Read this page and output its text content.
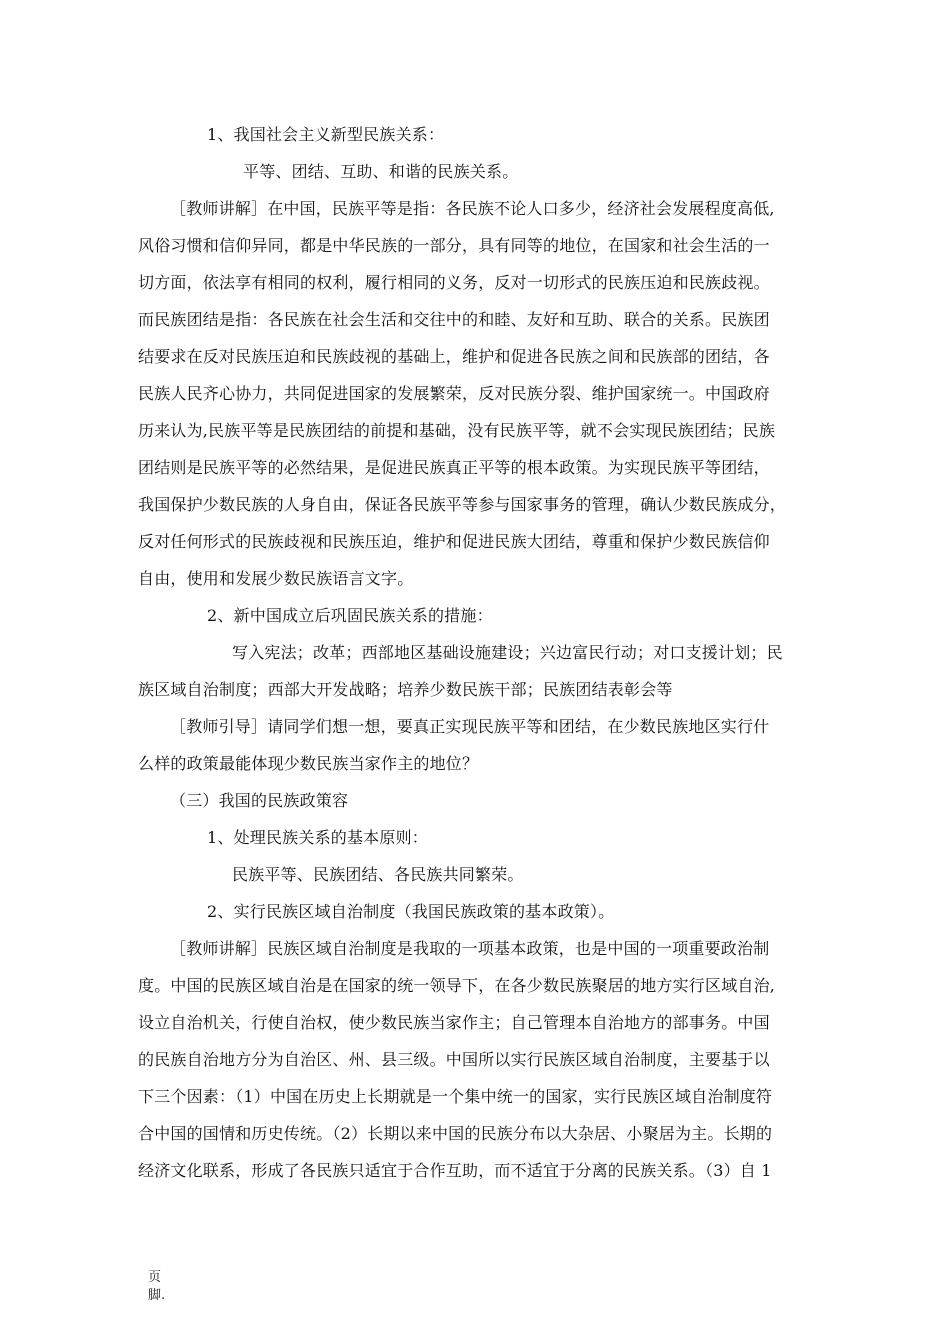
1、我国社会主义新型民族关系：
平等、团结、互助、和谐的民族关系。
［教师讲解］在中国，民族平等是指：各民族不论人口多少，经济社会发展程度高低,
风俗习惯和信仰异同，都是中华民族的一部分，具有同等的地位，在国家和社会生活的一
切方面，依法享有相同的权利，履行相同的义务，反对一切形式的民族压迫和民族歧视。
而民族团结是指：各民族在社会生活和交往中的和睦、友好和互助、联合的关系。民族团
结要求在反对民族压迫和民族歧视的基础上，维护和促进各民族之间和民族部的团结，各
民族人民齐心协力，共同促进国家的发展繁荣，反对民族分裂、维护国家统一。中国政府
历来认为,民族平等是民族团结的前提和基础，没有民族平等，就不会实现民族团结；民族
团结则是民族平等的必然结果，是促进民族真正平等的根本政策。为实现民族平等团结，
我国保护少数民族的人身自由，保证各民族平等参与国家事务的管理，确认少数民族成分，
反对任何形式的民族歧视和民族压迫，维护和促进民族大团结，尊重和保护少数民族信仰
自由，使用和发展少数民族语言文字。
2、新中国成立后巩固民族关系的措施：
写入宪法；改革；西部地区基础设施建设；兴边富民行动；对口支援计划；民
族区域自治制度；西部大开发战略；培养少数民族干部；民族团结表彰会等
［教师引导］请同学们想一想，要真正实现民族平等和团结，在少数民族地区实行什
么样的政策最能体现少数民族当家作主的地位？
（三）我国的民族政策容
1、处理民族关系的基本原则：
民族平等、民族团结、各民族共同繁荣。
2、实行民族区域自治制度（我国民族政策的基本政策）。
［教师讲解］民族区域自治制度是我取的一项基本政策，也是中国的一项重要政治制
度。中国的民族区域自治是在国家的统一领导下，在各少数民族聚居的地方实行区域自治,
设立自治机关，行使自治权，使少数民族当家作主；自己管理本自治地方的部事务。中国
的民族自治地方分为自治区、州、县三级。中国所以实行民族区域自治制度，主要基于以
下三个因素：（1）中国在历史上长期就是一个集中统一的国家，实行民族区域自治制度符
合中国的国情和历史传统。（2）长期以来中国的民族分布以大杂居、小聚居为主。长期的
经济文化联系，形成了各民族只适宜于合作互助，而不适宜于分离的民族关系。（3）自 1
页
脚.
